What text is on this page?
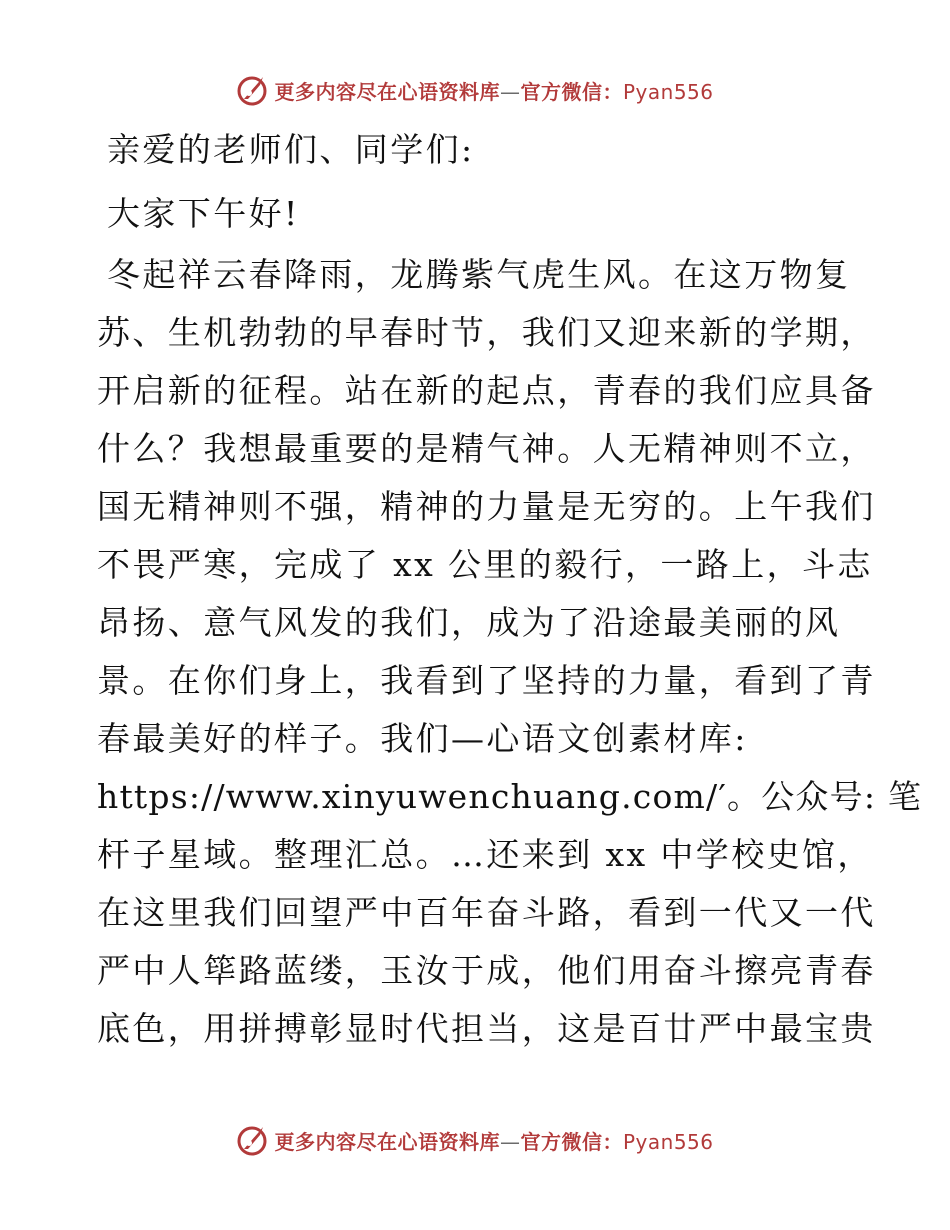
更多内容尽在心语资料库—官方微信：Pyan556
亲爱的老师们、同学们:
大家下午好!
冬起祥云春降雨，龙腾紫气虎生风。在这万物复
苏、生机勃勃的早春时节，我们又迎来新的学期，
开启新的征程。站在新的起点，青春的我们应具备
什么？我想最重要的是精气神。人无精神则不立，
国无精神则不强，精神的力量是无穷的。上午我们
不畏严寒，完成了 xx 公里的毅行，一路上，斗志
昂扬、意气风发的我们，成为了沿途最美丽的风
景。在你们身上，我看到了坚持的力量，看到了青
春最美好的样子。我们—心语文创素材库:
https://www.xinyuwenchuang.com/′。公众号: 笔
杆子星域。整理汇总。…还来到 xx 中学校史馆，
在这里我们回望严中百年奋斗路，看到一代又一代
严中人筚路蓝缕，玉汝于成，他们用奋斗擦亮青春
底色，用拼搏彰显时代担当，这是百廿严中最宝贵
更多内容尽在心语资料库—官方微信：Pyan556
